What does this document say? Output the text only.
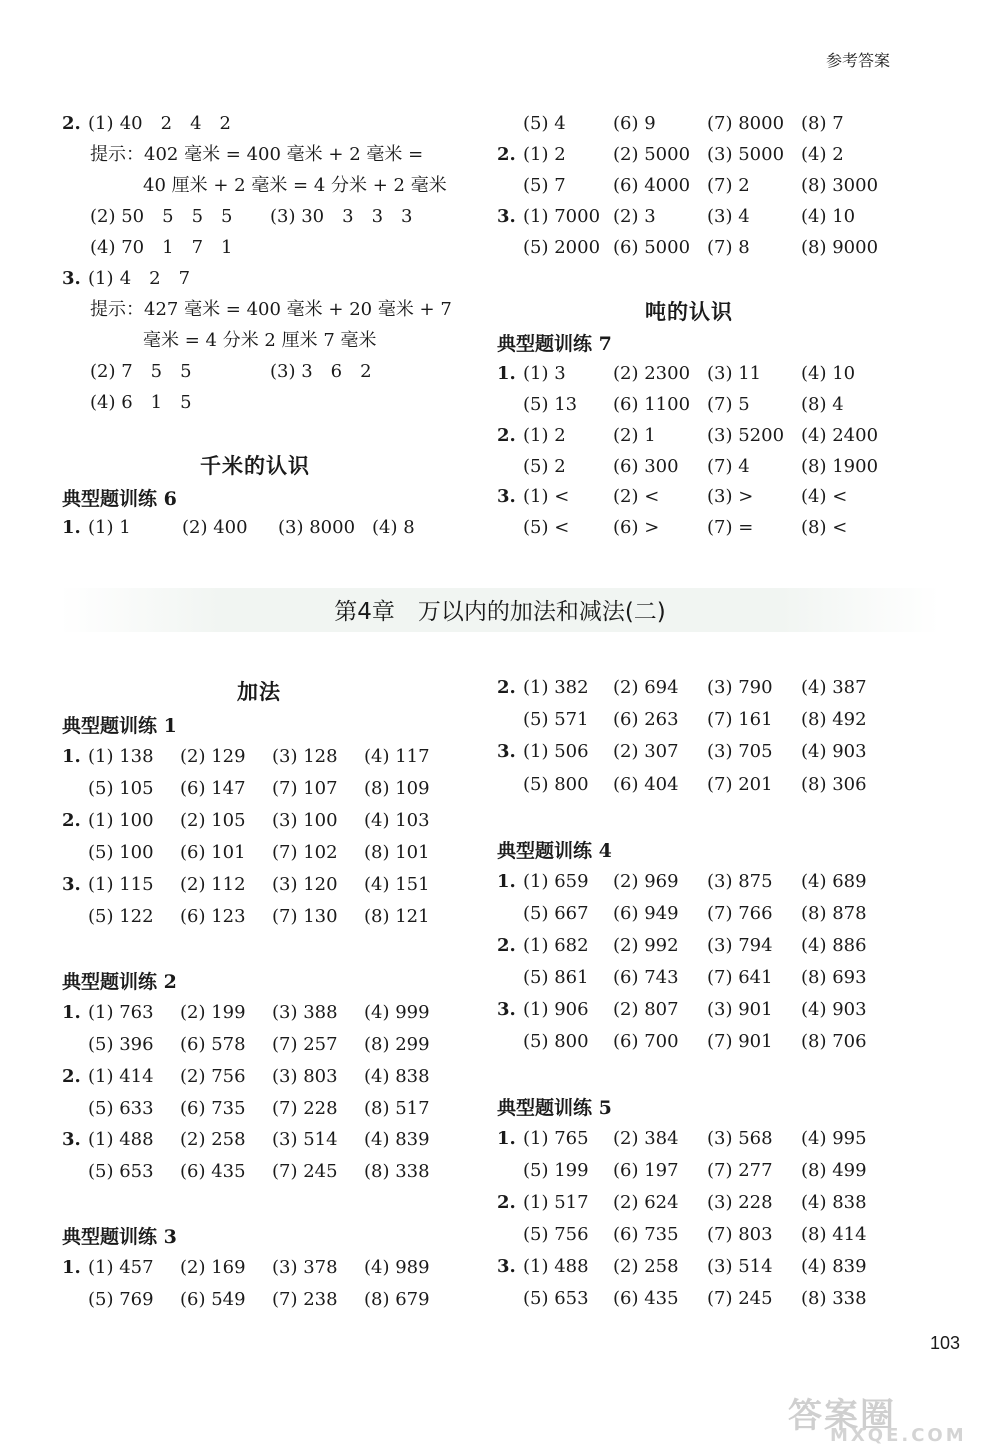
参考答案
103
2. (1) 40　2　4　2
提示：402 毫米 = 400 毫米 + 2 毫米 =
40 厘米 + 2 毫米 = 4 分米 + 2 毫米
(2) 50　5　5　5 (3) 30　3　3　3
(4) 70　1　7　1
3. (1) 4　2　7
提示：427 毫米 = 400 毫米 + 20 毫米 + 7
毫米 = 4 分米 2 厘米 7 毫米
(2) 7　5　5	(3) 3　6　2
(4) 6　1　5
千米的认识
典型题训练 6
1. (1) 1	(2) 400 (3) 8000 (4) 8
(5) 4	(6) 9	(7) 8000 (8) 7
2. (1) 2	(2) 5000 (3) 5000 (4) 2
(5) 7	(6) 4000 (7) 2	(8) 3000
3. (1) 7000 (2) 3	(3) 4	(4) 10
(5) 2000 (6) 5000 (7) 8	(8) 9000
吨的认识
典型题训练 7
1. (1) 3	(2) 2300 (3) 11 (4) 10
(5) 13 (6) 1100 (7) 5	(8) 4
2. (1) 2	(2) 1	(3) 5200 (4) 2400
(5) 2	(6) 300 (7) 4	(8) 1900
3. (1) < (2) <	(3) >	(4) <
(5) < (6) >	(7) =	(8) <
第4章　万以内的加法和减法(二)
加法
典型题训练 1
1. (1) 138 (2) 129 (3) 128 (4) 117
(5) 105 (6) 147 (7) 107 (8) 109
2. (1) 100 (2) 105 (3) 100 (4) 103
(5) 100 (6) 101 (7) 102 (8) 101
3. (1) 115 (2) 112 (3) 120 (4) 151
(5) 122 (6) 123 (7) 130 (8) 121
典型题训练 2
1. (1) 763 (2) 199 (3) 388 (4) 999
(5) 396 (6) 578 (7) 257 (8) 299
2. (1) 414 (2) 756 (3) 803 (4) 838
(5) 633 (6) 735 (7) 228 (8) 517
3. (1) 488 (2) 258 (3) 514 (4) 839
(5) 653 (6) 435 (7) 245 (8) 338
典型题训练 3
1. (1) 457 (2) 169 (3) 378 (4) 989
(5) 769 (6) 549 (7) 238 (8) 679
2. (1) 382 (2) 694 (3) 790 (4) 387
(5) 571 (6) 263 (7) 161 (8) 492
3. (1) 506 (2) 307 (3) 705 (4) 903
(5) 800 (6) 404 (7) 201 (8) 306
典型题训练 4
1. (1) 659 (2) 969 (3) 875 (4) 689
(5) 667 (6) 949 (7) 766 (8) 878
2. (1) 682 (2) 992 (3) 794 (4) 886
(5) 861 (6) 743 (7) 641 (8) 693
3. (1) 906 (2) 807 (3) 901 (4) 903
(5) 800 (6) 700 (7) 901 (8) 706
典型题训练 5
1. (1) 765 (2) 384 (3) 568 (4) 995
(5) 199 (6) 197 (7) 277 (8) 499
2. (1) 517 (2) 624 (3) 228 (4) 838
(5) 756 (6) 735 (7) 803 (8) 414
3. (1) 488 (2) 258 (3) 514 (4) 839
(5) 653 (6) 435 (7) 245 (8) 338
答案圈
MXQE.COM
